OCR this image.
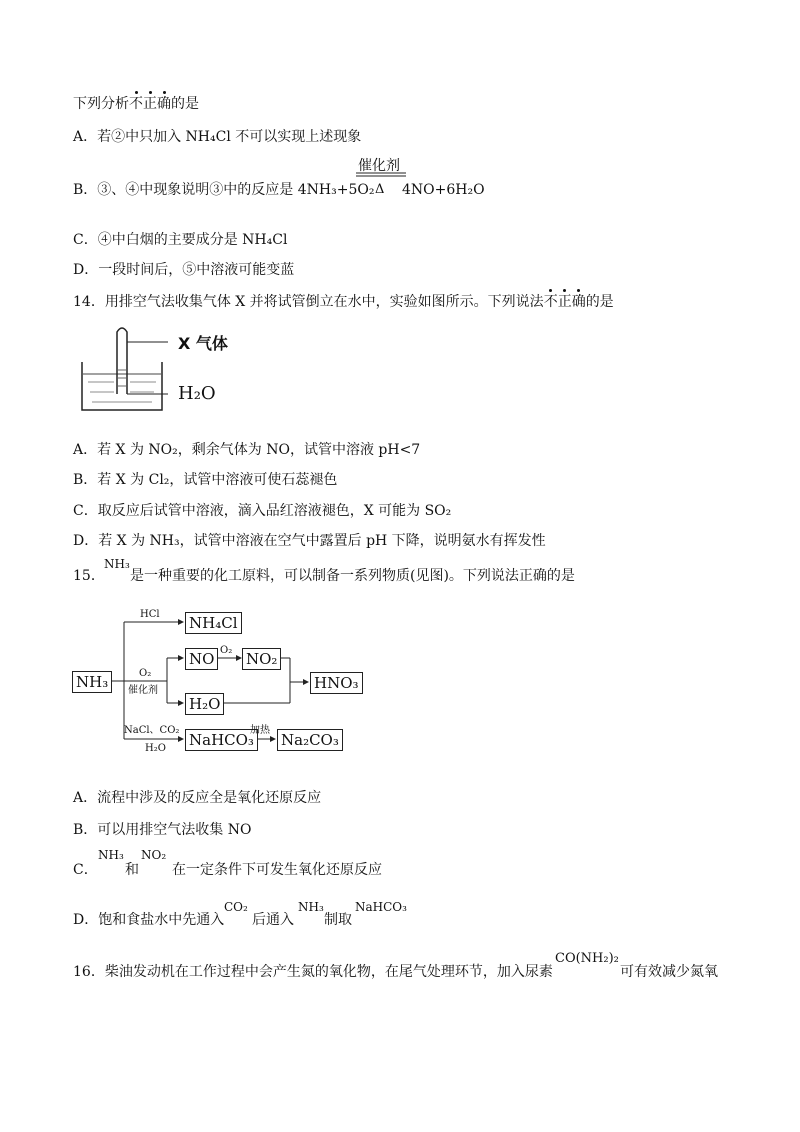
下列分析不正确的是
A．若②中只加入 NH₄Cl 不可以实现上述现象
B．③、④中现象说明③中的反应是 4NH₃+5O₂
催化剂
Δ 4NO+6H₂O
C．④中白烟的主要成分是 NH₄Cl
D．一段时间后，⑤中溶液可能变蓝
14．用排空气法收集气体 X 并将试管倒立在水中，实验如图所示。下列说法不正确的是
X 气体
H₂O
A．若 X 为 NO₂，剩余气体为 NO，试管中溶液 pH<7
B．若 X 为 Cl₂，试管中溶液可使石蕊褪色
C．取反应后试管中溶液，滴入品红溶液褪色，X 可能为 SO₂
D．若 X 为 NH₃，试管中溶液在空气中露置后 pH 下降，说明氨水有挥发性
15．
NH₃
是一种重要的化工原料，可以制备一系列物质(见图)。下列说法正确的是
NH₃
HCl NH₄Cl
O₂
催化剂
NO O₂ NO₂
HNO₃
H₂O
NaCl、CO₂
H₂O NaHCO₃
加热
Na₂CO₃
A．流程中涉及的反应全是氧化还原反应
B．可以用排空气法收集 NO
C．
NH₃
和
NO₂
在一定条件下可发生氧化还原反应
D．饱和食盐水中先通入
CO₂
后通入
NH₃
制取
NaHCO₃
16．柴油发动机在工作过程中会产生氮的氧化物，在尾气处理环节，加入尿素
CO(NH₂)₂
可有效减少氮氧
